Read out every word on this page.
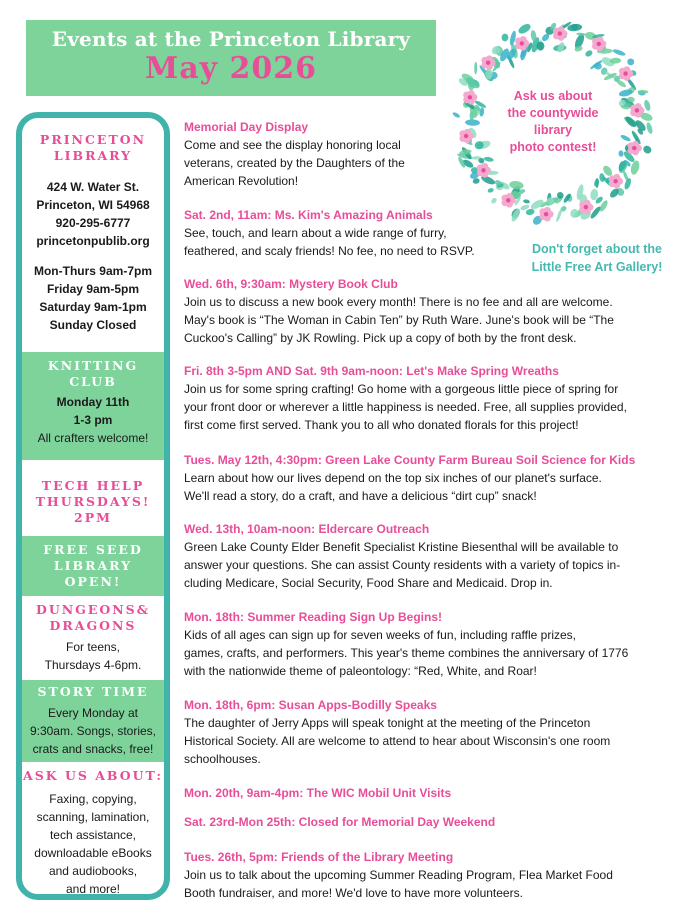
Events at the Princeton Library
May 2026
Ask us about
the countywide
library
photo contest!
Don't forget about the
Little Free Art Gallery!
PRINCETON
LIBRARY
424 W. Water St.
Princeton, WI 54968
920-295-6777
princetonpublib.org
Mon-Thurs 9am-7pm
Friday 9am-5pm
Saturday 9am-1pm
Sunday Closed
KNITTING
CLUB
Monday 11th
1-3 pm
All crafters welcome!
TECH HELP
THURSDAYS!
2PM
FREE SEED
LIBRARY
OPEN!
DUNGEONS&
DRAGONS
For teens,
Thursdays 4-6pm.
STORY TIME
Every Monday at
9:30am. Songs, stories,
crats and snacks, free!
ASK US ABOUT:
Faxing, copying,
scanning, lamination,
tech assistance,
downloadable eBooks
and audiobooks,
and more!
Memorial Day Display
Come and see the display honoring local
veterans, created by the Daughters of the
American Revolution!
Sat. 2nd, 11am: Ms. Kim's Amazing Animals
See, touch, and learn about a wide range of furry,
feathered, and scaly friends! No fee, no need to RSVP.
Wed. 6th, 9:30am: Mystery Book Club
Join us to discuss a new book every month! There is no fee and all are welcome.
May's book is “The Woman in Cabin Ten” by Ruth Ware. June's book will be “The
Cuckoo's Calling” by JK Rowling. Pick up a copy of both by the front desk.
Fri. 8th 3-5pm AND Sat. 9th 9am-noon: Let's Make Spring Wreaths
Join us for some spring crafting! Go home with a gorgeous little piece of spring for
your front door or wherever a little happiness is needed. Free, all supplies provided,
first come first served. Thank you to all who donated florals for this project!
Tues. May 12th, 4:30pm: Green Lake County Farm Bureau Soil Science for Kids
Learn about how our lives depend on the top six inches of our planet's surface.
We'll read a story, do a craft, and have a delicious “dirt cup” snack!
Wed. 13th, 10am-noon: Eldercare Outreach
Green Lake County Elder Benefit Specialist Kristine Biesenthal will be available to
answer your questions. She can assist County residents with a variety of topics in-
cluding Medicare, Social Security, Food Share and Medicaid. Drop in.
Mon. 18th: Summer Reading Sign Up Begins!
Kids of all ages can sign up for seven weeks of fun, including raffle prizes,
games, crafts, and performers. This year's theme combines the anniversary of 1776
with the nationwide theme of paleontology: “Red, White, and Roar!
Mon. 18th, 6pm: Susan Apps-Bodilly Speaks
The daughter of Jerry Apps will speak tonight at the meeting of the Princeton
Historical Society. All are welcome to attend to hear about Wisconsin's one room
schoolhouses.
Mon. 20th, 9am-4pm: The WIC Mobil Unit Visits
Sat. 23rd-Mon 25th: Closed for Memorial Day Weekend
Tues. 26th, 5pm: Friends of the Library Meeting
Join us to talk about the upcoming Summer Reading Program, Flea Market Food
Booth fundraiser, and more! We'd love to have more volunteers.
